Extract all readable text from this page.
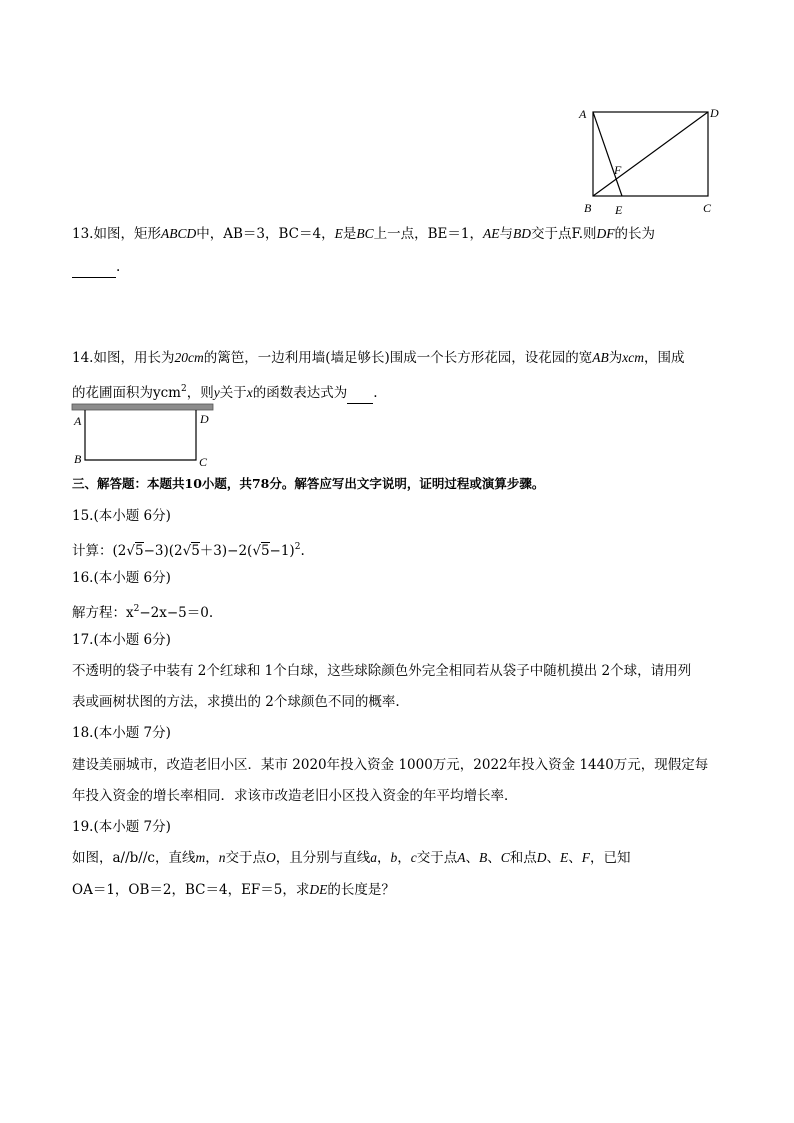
A	D
F
B E	C
13.如图，矩形ABCD中，AB＝3，BC＝4，E是BC上一点，BE＝1，AE与BD交于点F.则DF的长为
.
14.如图，用长为20cm的篱笆，一边利用墙(墙足够长)围成一个长方形花园，设花园的宽AB为xcm，围成
的花圃面积为ycm$^2$，则y关于x的函数表达式为 .
A	D
B	C
三、解答题：本题共10小题，共78分。解答应写出文字说明，证明过程或演算步骤。
15.(本小题 6分)
计算：$(2√5-3)(2√5+3)-2(√5-1)^2$.
16.(本小题 6分)
解方程：$x^2-2x-5=0$.
17.(本小题 6分)
不透明的袋子中装有 2个红球和 1个白球，这些球除颜色外完全相同若从袋子中随机摸出 2个球，请用列
表或画树状图的方法，求摸出的 2个球颜色不同的概率.
18.(本小题 7分)
建设美丽城市，改造老旧小区．某市 2020年投入资金 1000万元，2022年投入资金 1440万元，现假定每
年投入资金的增长率相同．求该市改造老旧小区投入资金的年平均增长率．
19.(本小题 7分)
如图，a//b//c，直线m，n交于点O，且分别与直线a，b，c交于点A、B、C和点D、E、F，已知
OA＝1，OB＝2，BC＝4，EF＝5，求DE的长度是？
